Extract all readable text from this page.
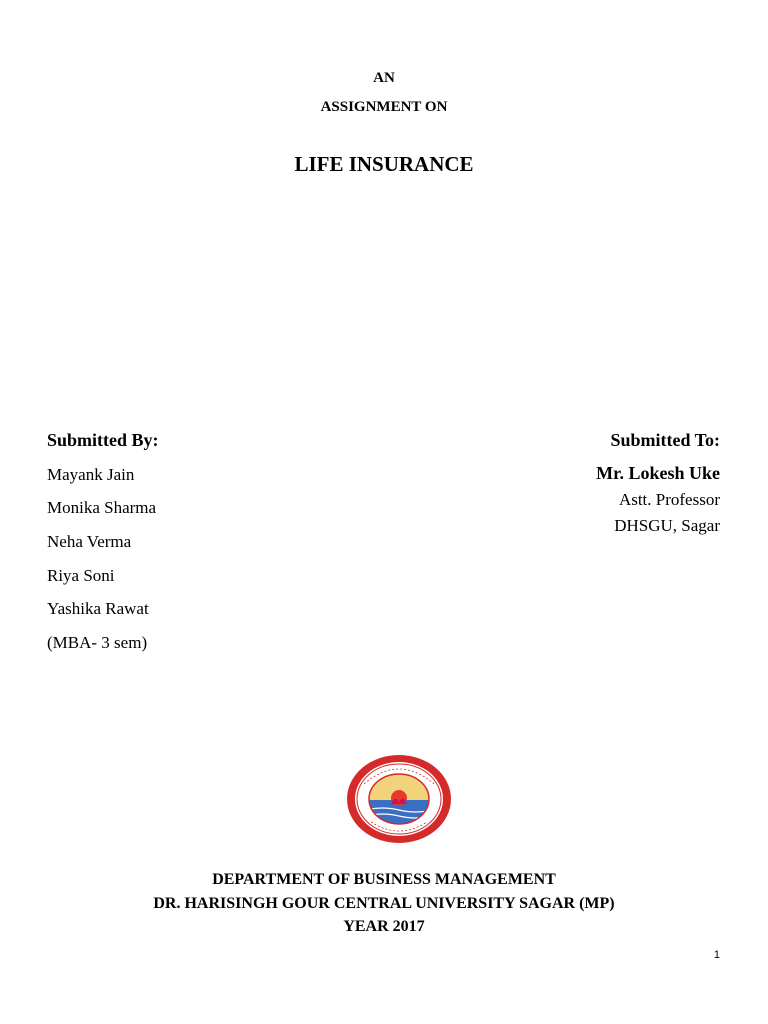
AN
ASSIGNMENT ON
LIFE INSURANCE
Submitted By:
Mayank Jain
Monika Sharma
Neha Verma
Riya Soni
Yashika Rawat
(MBA- 3 sem)
Submitted To:
Mr. Lokesh Uke
Astt. Professor
DHSGU, Sagar
DEPARTMENT OF BUSINESS MANAGEMENT
DR. HARISINGH GOUR CENTRAL UNIVERSITY SAGAR (MP)
YEAR 2017
1
